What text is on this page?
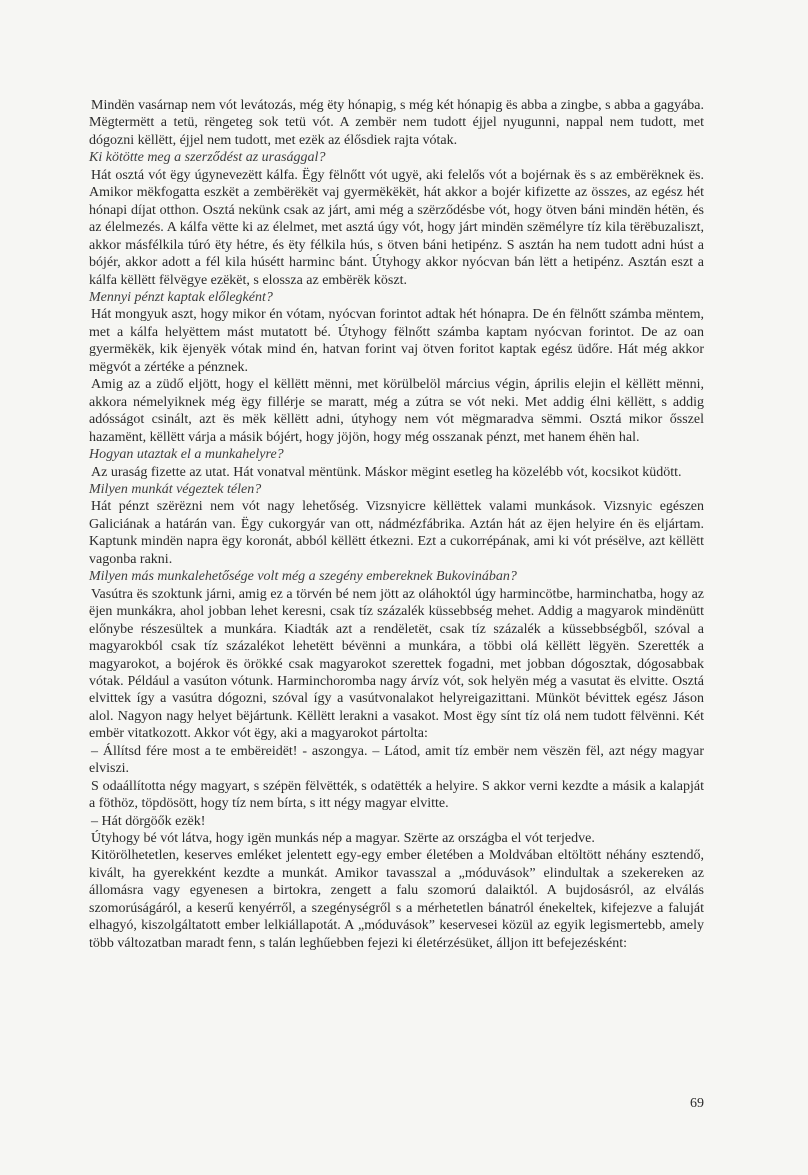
Mindën vasárnap nem vót levátozás, még ëty hónapig, s még két hónapig ës abba a zingbe, s abba a gagyába. Mëgtermëtt a tetü, rëngeteg sok tetü vót. A zembër nem tudott éjjel nyugunni, nappal nem tudott, met dógozni këllëtt, éjjel nem tudott, met ezëk az élősdiek rajta vótak.

Ki kötötte meg a szerződést az urasággal?

Hát osztá vót ëgy úgynevezëtt kálfa. Ëgy fëlnőtt vót ugyë, aki felelős vót a bojérnak ës s az embërëknek ës. Amikor mëkfogatta eszkët a zembërëkët vaj gyermëkëkët, hát akkor a bojér kifizette az összes, az egész hét hónapi díjat otthon. Osztá nekünk csak az járt, ami még a szërződésbe vót, hogy ötven báni mindën hétën, és az élelmezés. A kálfa vëtte ki az élelmet, met asztá úgy vót, hogy járt mindën szëmélyre tíz kila tërëbuzaliszt, akkor másfélkila túró ëty hétre, és ëty félkila hús, s ötven báni hetipénz. S asztán ha nem tudott adni húst a bójér, akkor adott a fél kila húsétt harminc bánt. Útyhogy akkor nyócvan bán lëtt a hetipénz. Asztán eszt a kálfa këllëtt fëlvëgye ezëkët, s elossza az embërëk köszt.

Mennyi pénzt kaptak előlegként?

Hát mongyuk aszt, hogy mikor én vótam, nyócvan forintot adtak hét hónapra. De én fëlnőtt számba mëntem, met a kálfa helyëttem mást mutatott bé. Útyhogy fëlnőtt számba kaptam nyócvan forintot. De az oan gyermëkëk, kik ëjenyëk vótak mind én, hatvan forint vaj ötven foritot kaptak egész üdőre. Hát még akkor mëgvót a zértéke a pénznek.

Amig az a züdő eljött, hogy el këllëtt mënni, met körülbelöl március végin, április elejin el këllëtt mënni, akkora némelyiknek még ëgy fillérje se maratt, még a zútra se vót neki. Met addig élni këllëtt, s addig adósságot csinált, azt ës mëk këllëtt adni, útyhogy nem vót mëgmaradva sëmmi. Osztá mikor ősszel hazamënt, këllëtt várja a másik bójért, hogy jöjön, hogy még osszanak pénzt, met hanem éhën hal.

Hogyan utaztak el a munkahelyre?

Az uraság fizette az utat. Hát vonatval mëntünk. Máskor mëgint esetleg ha közelébb vót, kocsikot küdött.

Milyen munkát végeztek télen?

Hát pénzt szërëzni nem vót nagy lehetőség. Vizsnyicre këllëttek valami munkások. Vizsnyic egészen Galiciának a határán van. Ëgy cukorgyár van ott, nádmézfábrika. Aztán hát az ëjen helyire én ës eljártam. Kaptunk mindën napra ëgy koronát, abból këllëtt étkezni. Ezt a cukorrépának, ami ki vót présëlve, azt këllëtt vagonba rakni.

Milyen más munkalehetősége volt még a szegény embereknek Bukovinában?

Vasútra ës szoktunk járni, amig ez a törvén bé nem jött az oláhoktól úgy harmincötbe, harminchatba, hogy az ëjen munkákra, ahol jobban lehet keresni, csak tíz százalék küssebbség mehet. Addig a magyarok mindënütt előnybe részesültek a munkára. Kiadták azt a rendëletët, csak tíz százalék a küssebbségből, szóval a magyarokból csak tíz százalékot lehetëtt bévënni a munkára, a többi olá këllëtt lëgyën. Szerették a magyarokot, a bojérok ës örökké csak magyarokot szerettek fogadni, met jobban dógosztak, dógosabbak vótak. Például a vasúton vótunk. Harminchoromba nagy árvíz vót, sok helyën még a vasutat ës elvitte. Osztá elvittek így a vasútra dógozni, szóval így a vasútvonalakot helyreigazittani. Münköt bévittek egész Jáson alol. Nagyon nagy helyet bëjártunk. Këllëtt lerakni a vasakot. Most ëgy sínt tíz olá nem tudott fëlvënni. Két embër vitatkozott. Akkor vót ëgy, aki a magyarokot pártolta:

– Állítsd fére most a te embëreidët! - aszongya. – Látod, amit tíz embër nem vëszën fël, azt négy magyar elviszi.

S odaállította négy magyart, s szépën fëlvëtték, s odatëtték a helyire. S akkor verni kezdte a másik a kalapját a föthöz, töpdösött, hogy tíz nem bírta, s itt négy magyar elvitte.

– Hát dörgöők ezëk!

Útyhogy bé vót látva, hogy igën munkás nép a magyar. Szërte az országba el vót terjedve.

Kitörölhetetlen, keserves emléket jelentett egy-egy ember életében a Moldvában eltöltött néhány esztendő, kivált, ha gyerekként kezdte a munkát. Amikor tavasszal a „móduvások” elindultak a szekereken az állomásra vagy egyenesen a birtokra, zengett a falu szomorú dalaiktól. A bujdosásról, az elválás szomorúságáról, a keserű kenyérről, a szegénységről s a mérhetetlen bánatról énekeltek, kifejezve a faluját elhagyó, kiszolgáltatott ember lelkiállapotát. A „móduvások” keservesei közül az egyik legismertebb, amely több változatban maradt fenn, s talán leghűebben fejezi ki életérzésüket, álljon itt befejezésként:

69
